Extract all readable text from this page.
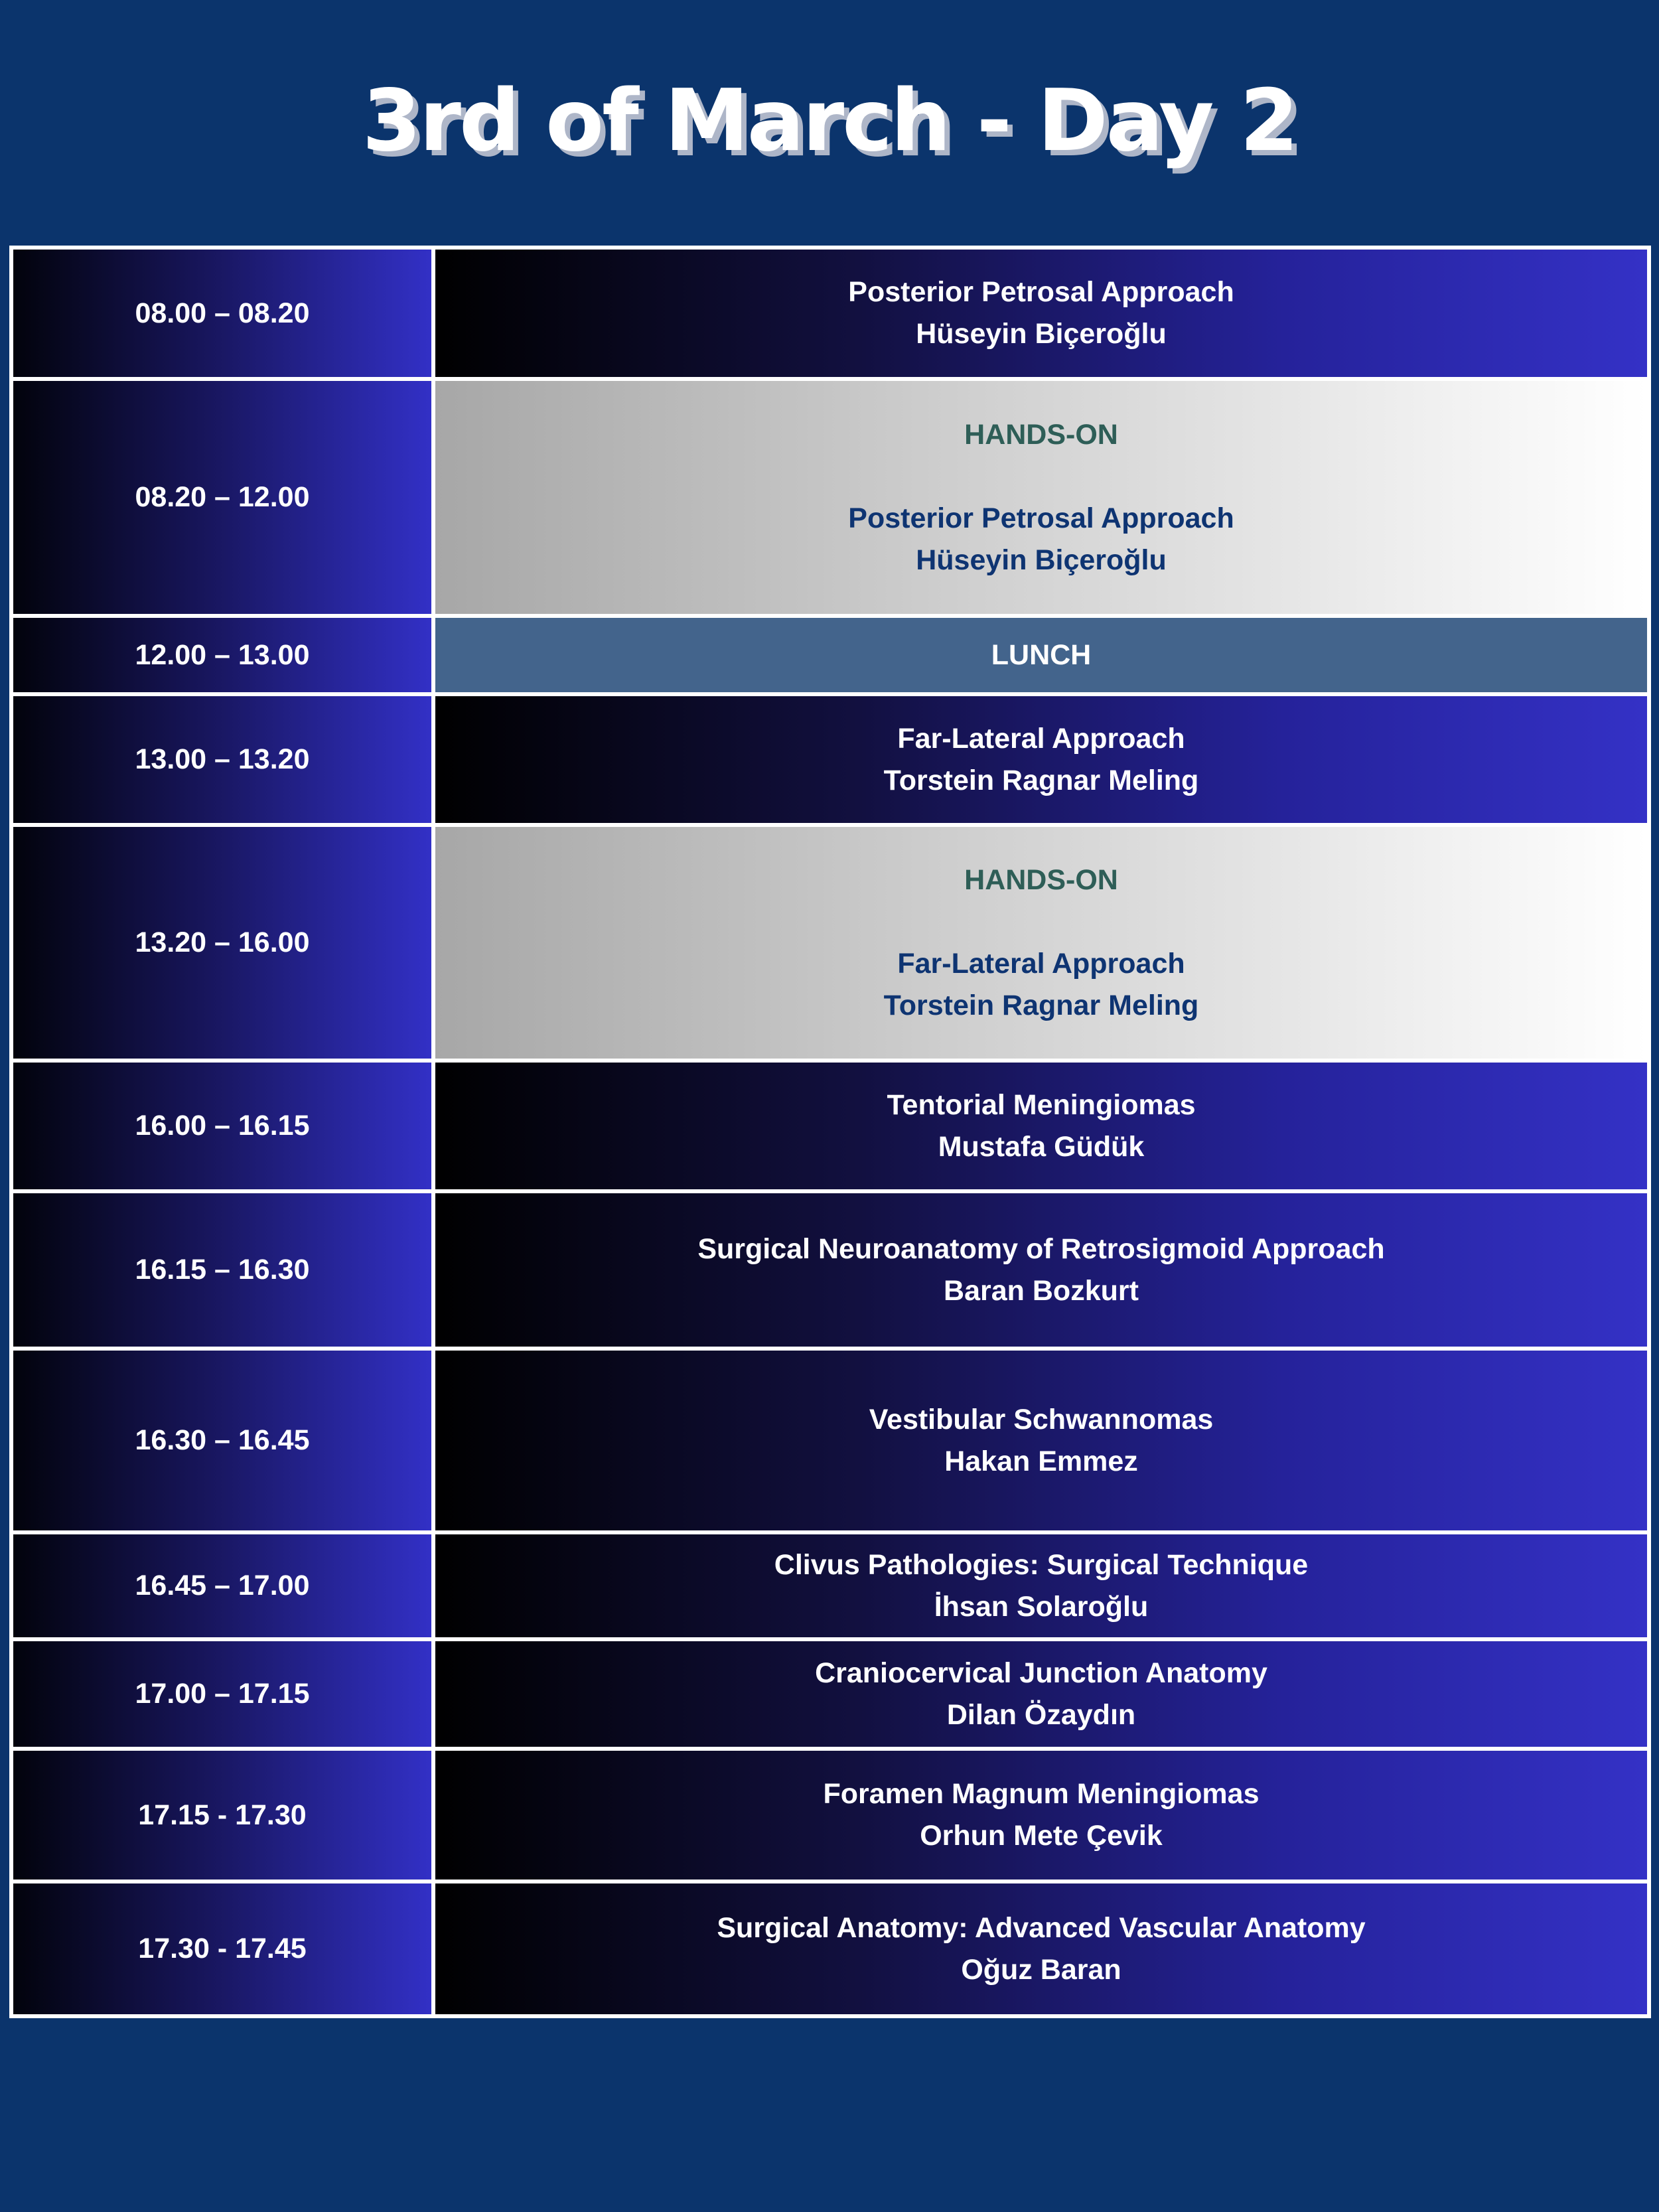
3rd of March - Day 2
08.00 – 08.20
Posterior Petrosal Approach
Hüseyin Biçeroğlu
08.20 – 12.00
HANDS-ON
Posterior Petrosal Approach
Hüseyin Biçeroğlu
12.00 – 13.00	LUNCH
13.00 – 13.20
Far-Lateral Approach
Torstein Ragnar Meling
13.20 – 16.00
HANDS-ON
Far-Lateral Approach
Torstein Ragnar Meling
16.00 – 16.15
Tentorial Meningiomas
Mustafa Güdük
16.15 – 16.30
Surgical Neuroanatomy of Retrosigmoid Approach
Baran Bozkurt
16.30 – 16.45
Vestibular Schwannomas
Hakan Emmez
16.45 – 17.00
Clivus Pathologies: Surgical Technique
İhsan Solaroğlu
17.00 – 17.15
Craniocervical Junction Anatomy
Dilan Özaydın
17.15 - 17.30
Foramen Magnum Meningiomas
Orhun Mete Çevik
17.30 - 17.45
Surgical Anatomy: Advanced Vascular Anatomy
Oğuz Baran
